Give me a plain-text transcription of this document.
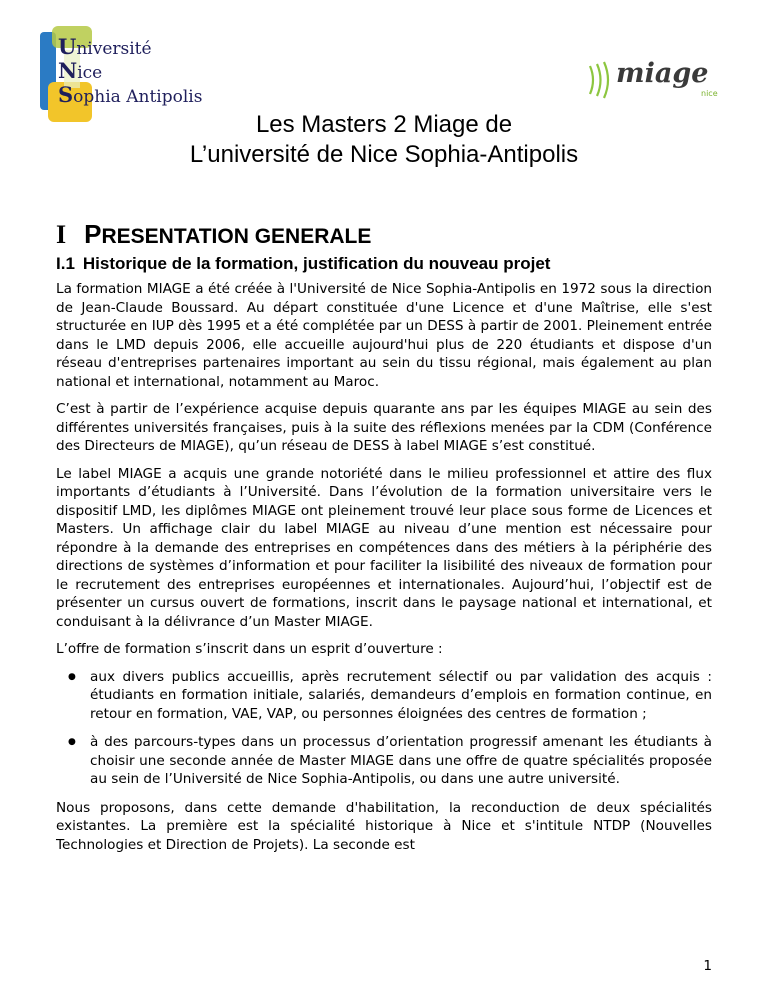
Université
Nice
Sophia Antipolis
miage
nice
Les Masters 2 Miage de
L’université de Nice Sophia-Antipolis
I PRESENTATION GENERALE
I.1 Historique de la formation, justification du nouveau projet

La formation MIAGE a été créée à l'Université de Nice Sophia-Antipolis en 1972 sous la direction de Jean-Claude Boussard. Au départ constituée d'une Licence et d'une Maîtrise, elle s'est structurée en IUP dès 1995 et a été complétée par un DESS à partir de 2001. Pleinement entrée dans le LMD depuis 2006, elle accueille aujourd'hui plus de 220 étudiants et dispose d'un réseau d'entreprises partenaires important au sein du tissu régional, mais également au plan national et international, notamment au Maroc.

C’est à partir de l’expérience acquise depuis quarante ans par les équipes MIAGE au sein des différentes universités françaises, puis à la suite des réflexions menées par la CDM (Conférence des Directeurs de MIAGE), qu’un réseau de DESS à label MIAGE s’est constitué.

Le label MIAGE a acquis une grande notoriété dans le milieu professionnel et attire des flux importants d’étudiants à l’Université. Dans l’évolution de la formation universitaire vers le dispositif LMD, les diplômes MIAGE ont pleinement trouvé leur place sous forme de Licences et Masters. Un affichage clair du label MIAGE au niveau d’une mention est nécessaire pour répondre à la demande des entreprises en compétences dans des métiers à la périphérie des directions de systèmes d’information et pour faciliter la lisibilité des niveaux de formation pour le recrutement des entreprises européennes et internationales. Aujourd’hui, l’objectif est de présenter un cursus ouvert de formations, inscrit dans le paysage national et international, et conduisant à la délivrance d’un Master MIAGE.

L’offre de formation s’inscrit dans un esprit d’ouverture :

● aux divers publics accueillis, après recrutement sélectif ou par validation des acquis : étudiants en formation initiale, salariés, demandeurs d’emplois en formation continue, en retour en formation, VAE, VAP, ou personnes éloignées des centres de formation ;
● à des parcours-types dans un processus d’orientation progressif amenant les étudiants à choisir une seconde année de Master MIAGE dans une offre de quatre spécialités proposée au sein de l’Université de Nice Sophia-Antipolis, ou dans une autre université.

Nous proposons, dans cette demande d'habilitation, la reconduction de deux spécialités existantes. La première est la spécialité historique à Nice et s'intitule NTDP (Nouvelles Technologies et Direction de Projets). La seconde est

1
